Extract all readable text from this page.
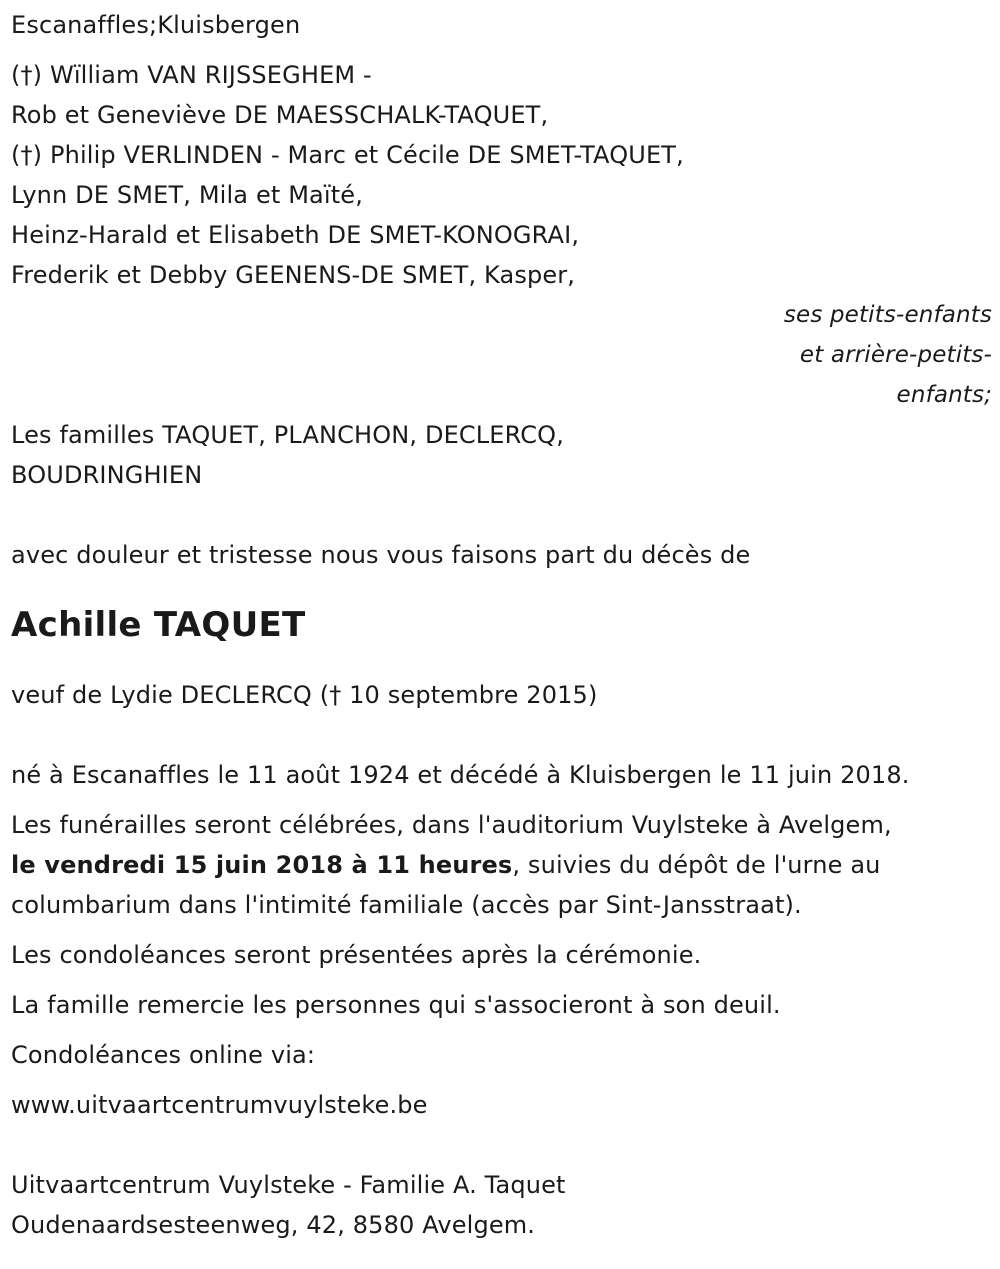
Escanaffles;Kluisbergen
(†) Wïlliam VAN RIJSSEGHEM -
Rob et Geneviève DE MAESSCHALK-TAQUET,
(†) Philip VERLINDEN - Marc et Cécile DE SMET-TAQUET,
Lynn DE SMET, Mila et Maïté,
Heinz-Harald et Elisabeth DE SMET-KONOGRAI,
Frederik et Debby GEENENS-DE SMET, Kasper,
ses petits-enfants
et arrière-petits-
enfants;
Les familles TAQUET, PLANCHON, DECLERCQ,
BOUDRINGHIEN
avec douleur et tristesse nous vous faisons part du décès de
Achille TAQUET
veuf de Lydie DECLERCQ († 10 septembre 2015)
né à Escanaffles le 11 août 1924 et décédé à Kluisbergen le 11 juin 2018.
Les funérailles seront célébrées, dans l'auditorium Vuylsteke à Avelgem,
le vendredi 15 juin 2018 à 11 heures, suivies du dépôt de l'urne au
columbarium dans l'intimité familiale (accès par Sint-Jansstraat).
Les condoléances seront présentées après la cérémonie.
La famille remercie les personnes qui s'associeront à son deuil.
Condoléances online via:
www.uitvaartcentrumvuylsteke.be
Uitvaartcentrum Vuylsteke - Familie A. Taquet
Oudenaardsesteenweg, 42, 8580 Avelgem.
